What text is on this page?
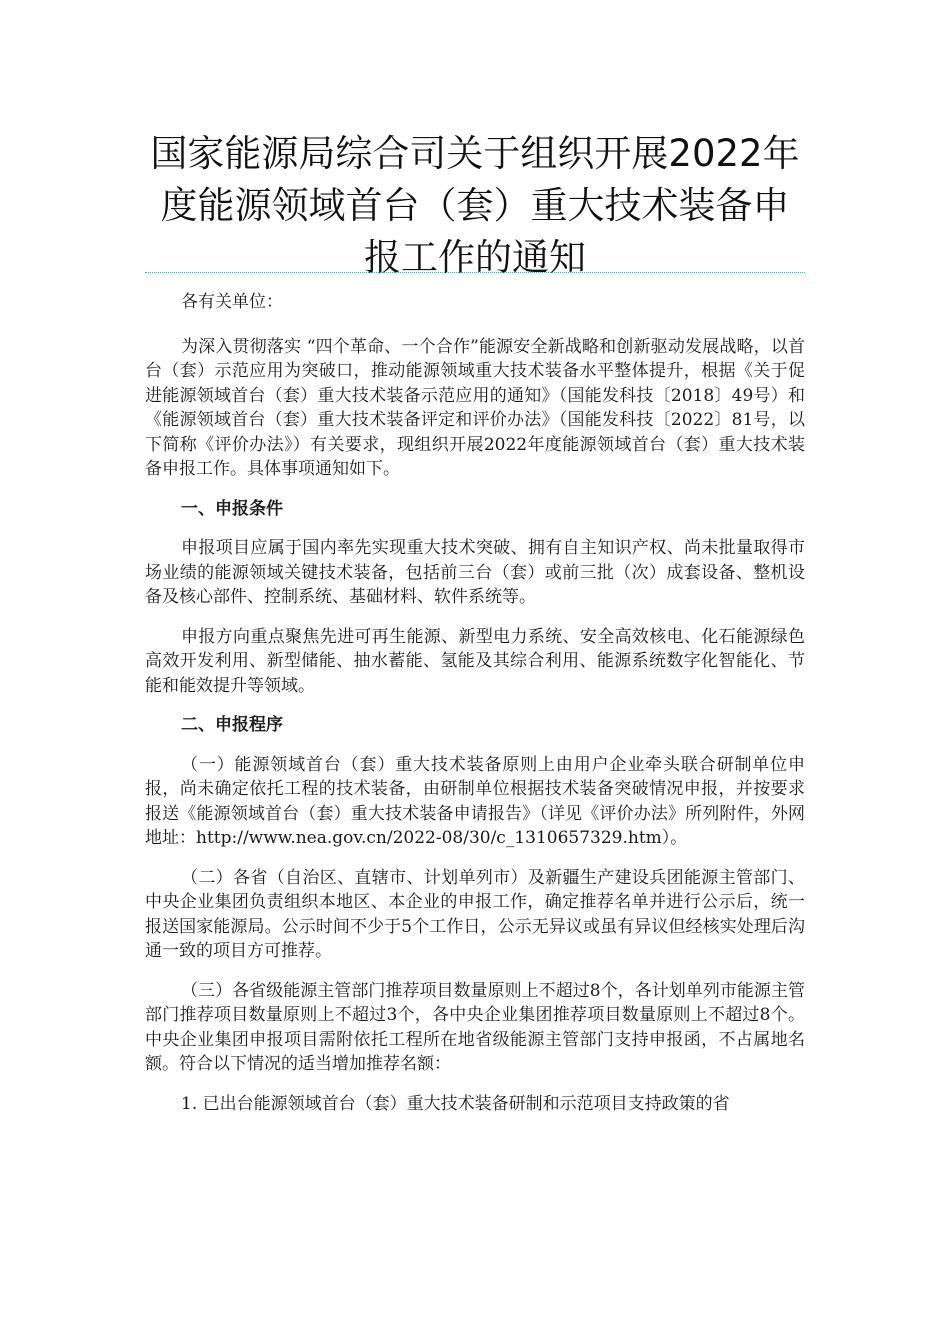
国家能源局综合司关于组织开展2022年度能源领域首台（套）重大技术装备申报工作的通知

各有关单位：

为深入贯彻落实 “四个革命、一个合作”能源安全新战略和创新驱动发展战略，以首台（套）示范应用为突破口，推动能源领域重大技术装备水平整体提升，根据《关于促进能源领域首台（套）重大技术装备示范应用的通知》（国能发科技〔2018〕49号）和《能源领域首台（套）重大技术装备评定和评价办法》（国能发科技〔2022〕81号，以下简称《评价办法》）有关要求，现组织开展2022年度能源领域首台（套）重大技术装备申报工作。具体事项通知如下。

一、申报条件

申报项目应属于国内率先实现重大技术突破、拥有自主知识产权、尚未批量取得市场业绩的能源领域关键技术装备，包括前三台（套）或前三批（次）成套设备、整机设备及核心部件、控制系统、基础材料、软件系统等。

申报方向重点聚焦先进可再生能源、新型电力系统、安全高效核电、化石能源绿色高效开发利用、新型储能、抽水蓄能、氢能及其综合利用、能源系统数字化智能化、节能和能效提升等领域。

二、申报程序

（一）能源领域首台（套）重大技术装备原则上由用户企业牵头联合研制单位申报，尚未确定依托工程的技术装备，由研制单位根据技术装备突破情况申报，并按要求报送《能源领域首台（套）重大技术装备申请报告》（详见《评价办法》所列附件，外网地址：http://www.nea.gov.cn/2022-08/30/c_1310657329.htm）。

（二）各省（自治区、直辖市、计划单列市）及新疆生产建设兵团能源主管部门、中央企业集团负责组织本地区、本企业的申报工作，确定推荐名单并进行公示后，统一报送国家能源局。公示时间不少于5个工作日，公示无异议或虽有异议但经核实处理后沟通一致的项目方可推荐。

（三）各省级能源主管部门推荐项目数量原则上不超过8个，各计划单列市能源主管部门推荐项目数量原则上不超过3个，各中央企业集团推荐项目数量原则上不超过8个。中央企业集团申报项目需附依托工程所在地省级能源主管部门支持申报函，不占属地名额。符合以下情况的适当增加推荐名额：

1. 已出台能源领域首台（套）重大技术装备研制和示范项目支持政策的省
